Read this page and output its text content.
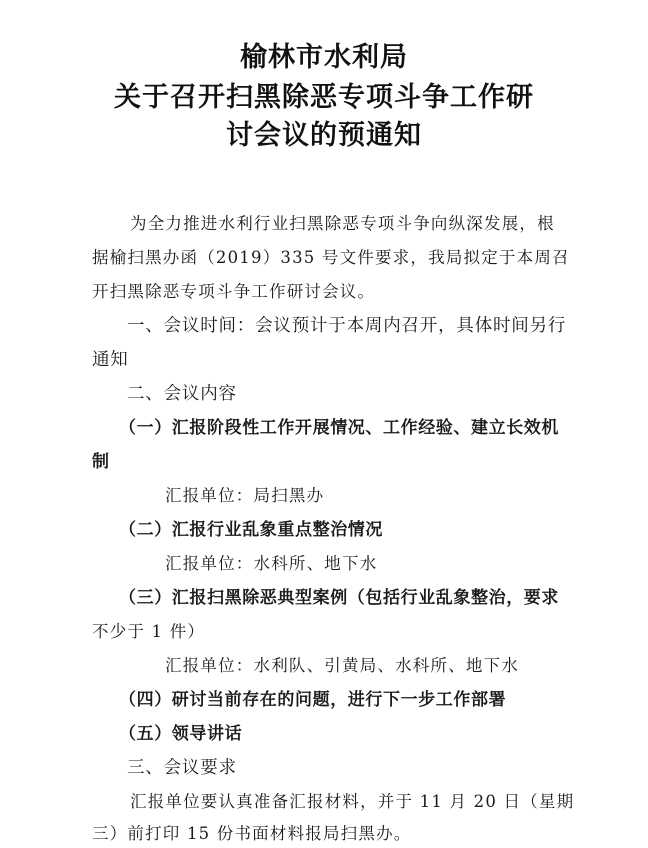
榆林市水利局
关于召开扫黑除恶专项斗争工作研
讨会议的预通知
为全力推进水利行业扫黑除恶专项斗争向纵深发展，根
据榆扫黑办函（2019）335 号文件要求，我局拟定于本周召
开扫黑除恶专项斗争工作研讨会议。
一、会议时间：会议预计于本周内召开，具体时间另行
通知
二、会议内容
（一）汇报阶段性工作开展情况、工作经验、建立长效机
制
汇报单位：局扫黑办
（二）汇报行业乱象重点整治情况
汇报单位：水科所、地下水
（三）汇报扫黑除恶典型案例（包括行业乱象整治，要求
不少于 1 件）
汇报单位：水利队、引黄局、水科所、地下水
（四）研讨当前存在的问题，进行下一步工作部署
（五）领导讲话
三、会议要求
汇报单位要认真准备汇报材料，并于 11 月 20 日（星期
三）前打印 15 份书面材料报局扫黑办。
